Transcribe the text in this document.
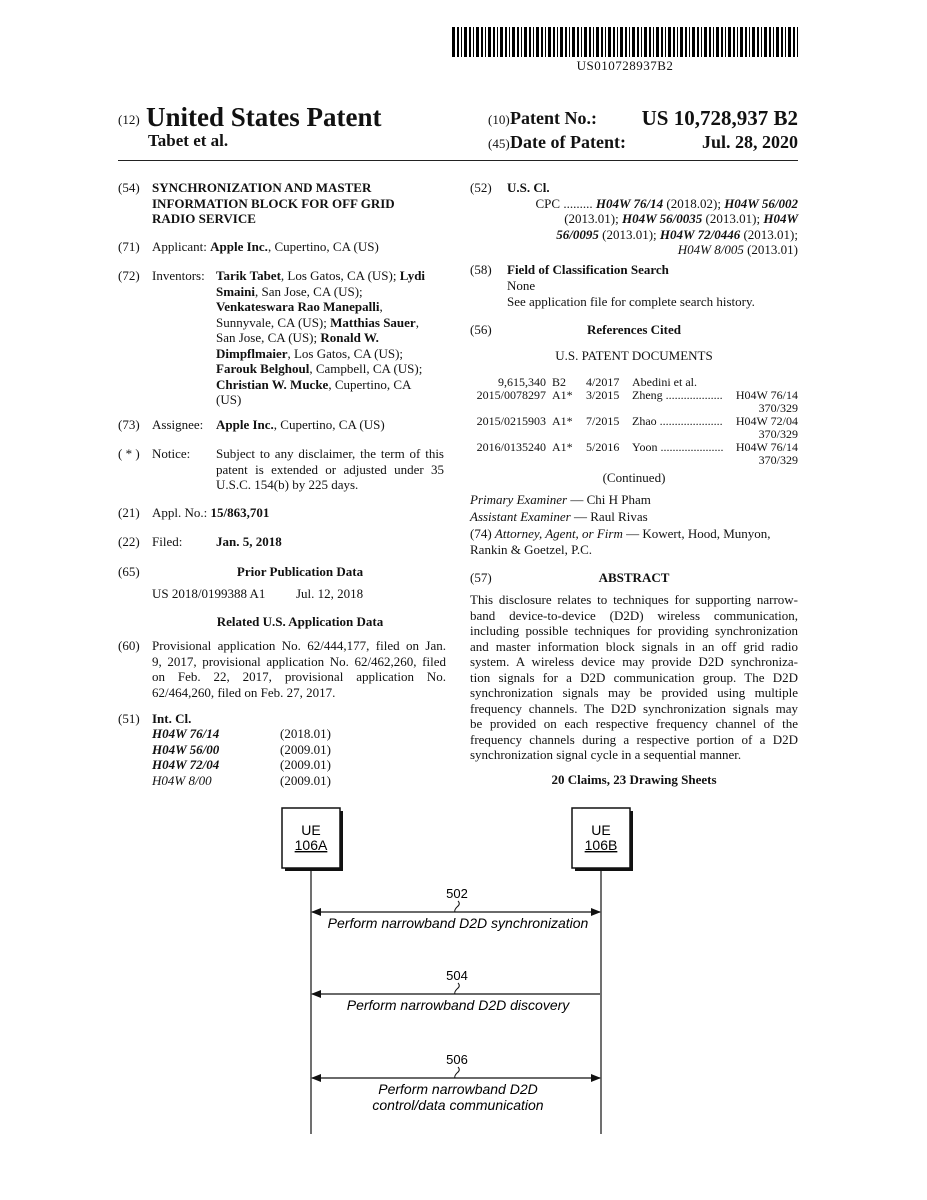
US010728937B2
(12) United States Patent
Tabet et al.
(10) Patent No.: US 10,728,937 B2
(45) Date of Patent:	Jul. 28, 2020
(54) SYNCHRONIZATION AND MASTER
INFORMATION BLOCK FOR OFF GRID
RADIO SERVICE
(71) Applicant: Apple Inc., Cupertino, CA (US)
(72) Inventors: Tarik Tabet, Los Gatos, CA (US); Lydi
Smaini, San Jose, CA (US);
Venkateswara Rao Manepalli,
Sunnyvale, CA (US); Matthias Sauer,
San Jose, CA (US); Ronald W.
Dimpflmaier, Los Gatos, CA (US);
Farouk Belghoul, Campbell, CA (US);
Christian W. Mucke, Cupertino, CA
(US)
(73) Assignee: Apple Inc., Cupertino, CA (US)
( * ) Notice: Subject to any disclaimer, the term of this
patent is extended or adjusted under 35
U.S.C. 154(b) by 225 days.
(21) Appl. No.: 15/863,701
(22) Filed:	Jan. 5, 2018
(65)	Prior Publication Data
US 2018/0199388 A1 Jul. 12, 2018
Related U.S. Application Data
(60) Provisional application No. 62/444,177, filed on Jan.
9, 2017, provisional application No. 62/462,260, filed
on Feb. 22, 2017, provisional application No.
62/464,260, filed on Feb. 27, 2017.
(51) Int. Cl.
H04W 76/14	(2018.01)
H04W 56/00	(2009.01)
H04W 72/04	(2009.01)
H04W 8/00	(2009.01)
(52) U.S. Cl.
CPC ......... H04W 76/14 (2018.02); H04W 56/002
(2013.01); H04W 56/0035 (2013.01); H04W
56/0095 (2013.01); H04W 72/0446 (2013.01);
H04W 8/005 (2013.01)
(58) Field of Classification Search
None
See application file for complete search history.
(56)	References Cited
U.S. PATENT DOCUMENTS
9,615,340 B2 4/2017 Abedini et al.
2015/0078297 A1* 3/2015 Zheng ...................	H04W 76/14
370/329
2015/0215903 A1* 7/2015 Zhao .....................	H04W 72/04
370/329
2016/0135240 A1* 5/2016 Yoon .....................	H04W 76/14
370/329
(Continued)
Primary Examiner — Chi H Pham
Assistant Examiner — Raul Rivas
(74) Attorney, Agent, or Firm — Kowert, Hood, Munyon,
Rankin & Goetzel, P.C.
(57)	ABSTRACT
This disclosure relates to techniques for supporting narrow-
band device-to-device (D2D) wireless communication,
including possible techniques for providing synchronization
and master information block signals in an off grid radio
system. A wireless device may provide D2D synchroniza-
tion signals for a D2D communication group. The D2D
synchronization signals may be provided using multiple
frequency channels. The D2D synchronization signals may
be provided on each respective frequency channel of the
frequency channels during a respective portion of a D2D
synchronization signal cycle in a sequential manner.
20 Claims, 23 Drawing Sheets
UE
106A
UE
106B
502
Perform narrowband D2D synchronization
504
Perform narrowband D2D discovery
506
Perform narrowband D2D
control/data communication
